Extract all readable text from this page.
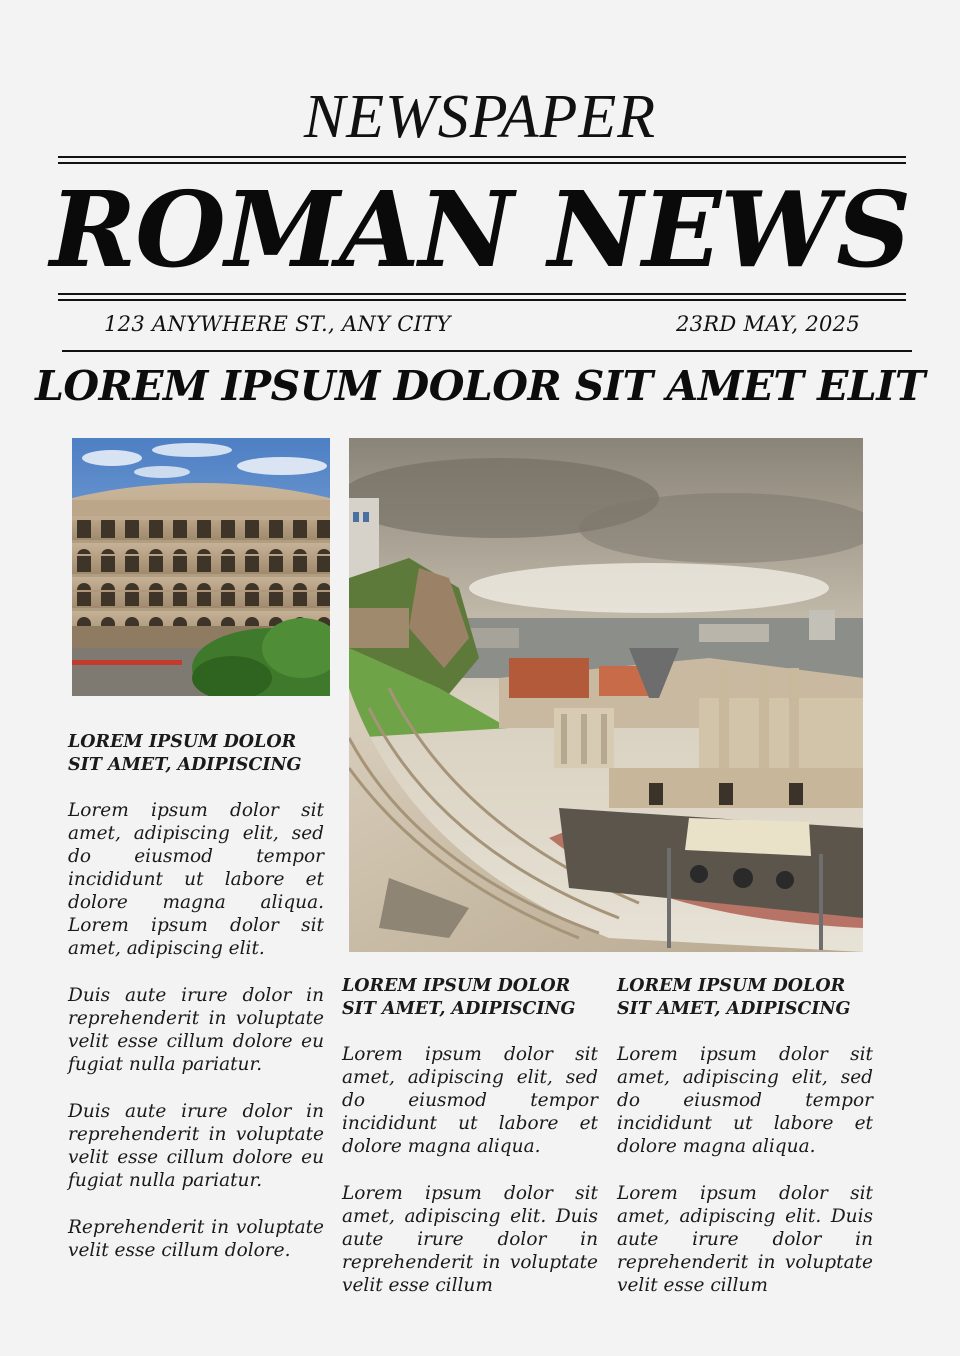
NEWSPAPER
ROMAN NEWS
123 ANYWHERE ST., ANY CITY	23RD MAY, 2025
LOREM IPSUM DOLOR SIT AMET ELIT
LOREM IPSUM DOLOR SIT AMET, ADIPISCING

Lorem ipsum dolor sit amet, adipiscing elit, sed do eiusmod tempor incididunt ut labore et dolore magna aliqua. Lorem ipsum dolor sit amet, adipiscing elit.

Duis aute irure dolor in reprehenderit in voluptate velit esse cillum dolore eu fugiat nulla pariatur.

Duis aute irure dolor in reprehenderit in voluptate velit esse cillum dolore eu fugiat nulla pariatur.

Reprehenderit in voluptate velit esse cillum dolore.

LOREM IPSUM DOLOR SIT AMET, ADIPISCING

Lorem ipsum dolor sit amet, adipiscing elit, sed do eiusmod tempor incididunt ut labore et dolore magna aliqua.

Lorem ipsum dolor sit amet, adipiscing elit. Duis aute irure dolor in reprehenderit in voluptate velit esse cillum

LOREM IPSUM DOLOR SIT AMET, ADIPISCING

Lorem ipsum dolor sit amet, adipiscing elit, sed do eiusmod tempor incididunt ut labore et dolore magna aliqua.

Lorem ipsum dolor sit amet, adipiscing elit. Duis aute irure dolor in reprehenderit in voluptate velit esse cillum
